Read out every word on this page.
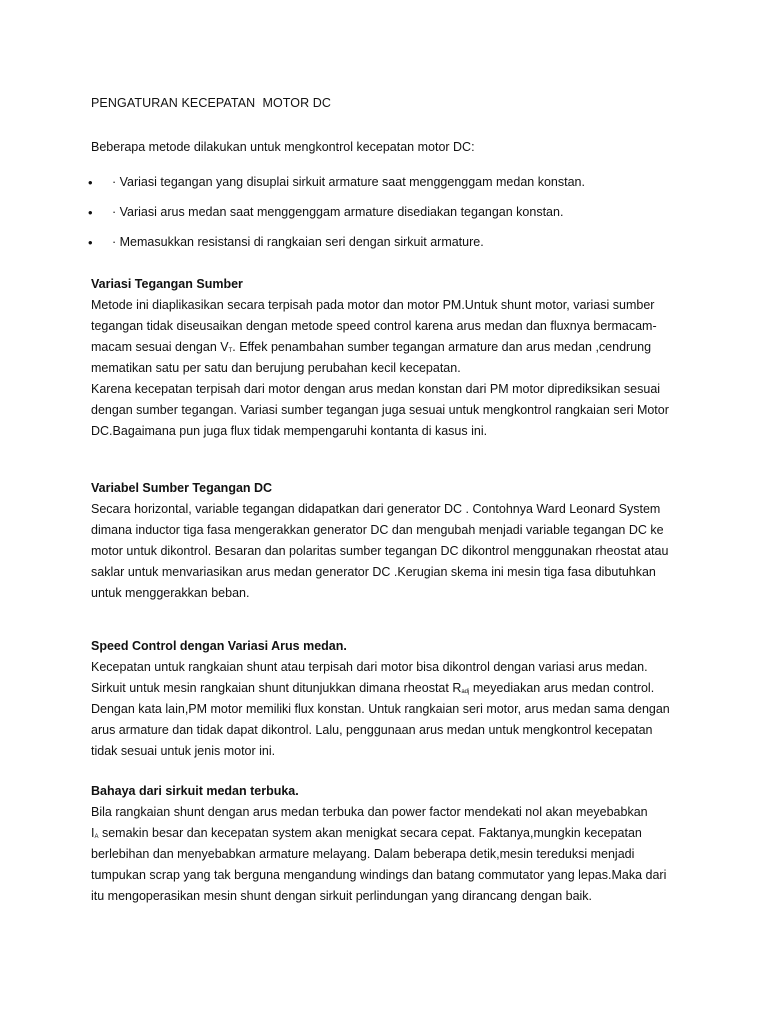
PENGATURAN KECEPATAN  MOTOR DC
Beberapa metode dilakukan untuk mengkontrol kecepatan motor DC:
• · Variasi tegangan yang disuplai sirkuit armature saat menggenggam medan konstan.
• · Variasi arus medan saat menggenggam armature disediakan tegangan konstan.
• · Memasukkan resistansi di rangkaian seri dengan sirkuit armature.
Variasi Tegangan Sumber

Metode ini diaplikasikan secara terpisah pada motor dan motor PM.Untuk shunt motor, variasi sumber

tegangan tidak diseusaikan dengan metode speed control karena arus medan dan fluxnya bermacam-

macam sesuai dengan $V_T$. Effek penambahan sumber tegangan armature dan arus medan ,cendrung

mematikan satu per satu dan berujung perubahan kecil kecepatan.

Karena kecepatan terpisah dari motor dengan arus medan konstan dari PM motor diprediksikan sesuai

dengan sumber tegangan. Variasi sumber tegangan juga sesuai untuk mengkontrol rangkaian seri Motor

DC.Bagaimana pun juga flux tidak mempengaruhi kontanta di kasus ini.

Variabel Sumber Tegangan DC

Secara horizontal, variable tegangan didapatkan dari generator DC . Contohnya Ward Leonard System

dimana inductor tiga fasa mengerakkan generator DC dan mengubah menjadi variable tegangan DC ke

motor untuk dikontrol. Besaran dan polaritas sumber tegangan DC dikontrol menggunakan rheostat atau

saklar untuk menvariasikan arus medan generator DC .Kerugian skema ini mesin tiga fasa dibutuhkan

untuk menggerakkan beban.

Speed Control dengan Variasi Arus medan.

Kecepatan untuk rangkaian shunt atau terpisah dari motor bisa dikontrol dengan variasi arus medan.

Sirkuit untuk mesin rangkaian shunt ditunjukkan dimana rheostat $R_{adj}$ meyediakan arus medan control.

Dengan kata lain,PM motor memiliki flux konstan. Untuk rangkaian seri motor, arus medan sama dengan

arus armature dan tidak dapat dikontrol. Lalu, penggunaan arus medan untuk mengkontrol kecepatan

tidak sesuai untuk jenis motor ini.

Bahaya dari sirkuit medan terbuka.

Bila rangkaian shunt dengan arus medan terbuka dan power factor mendekati nol akan meyebabkan

$I_A$ semakin besar dan kecepatan system akan menigkat secara cepat. Faktanya,mungkin kecepatan

berlebihan dan menyebabkan armature melayang. Dalam beberapa detik,mesin tereduksi menjadi

tumpukan scrap yang tak berguna mengandung windings dan batang commutator yang lepas.Maka dari

itu mengoperasikan mesin shunt dengan sirkuit perlindungan yang dirancang dengan baik.
